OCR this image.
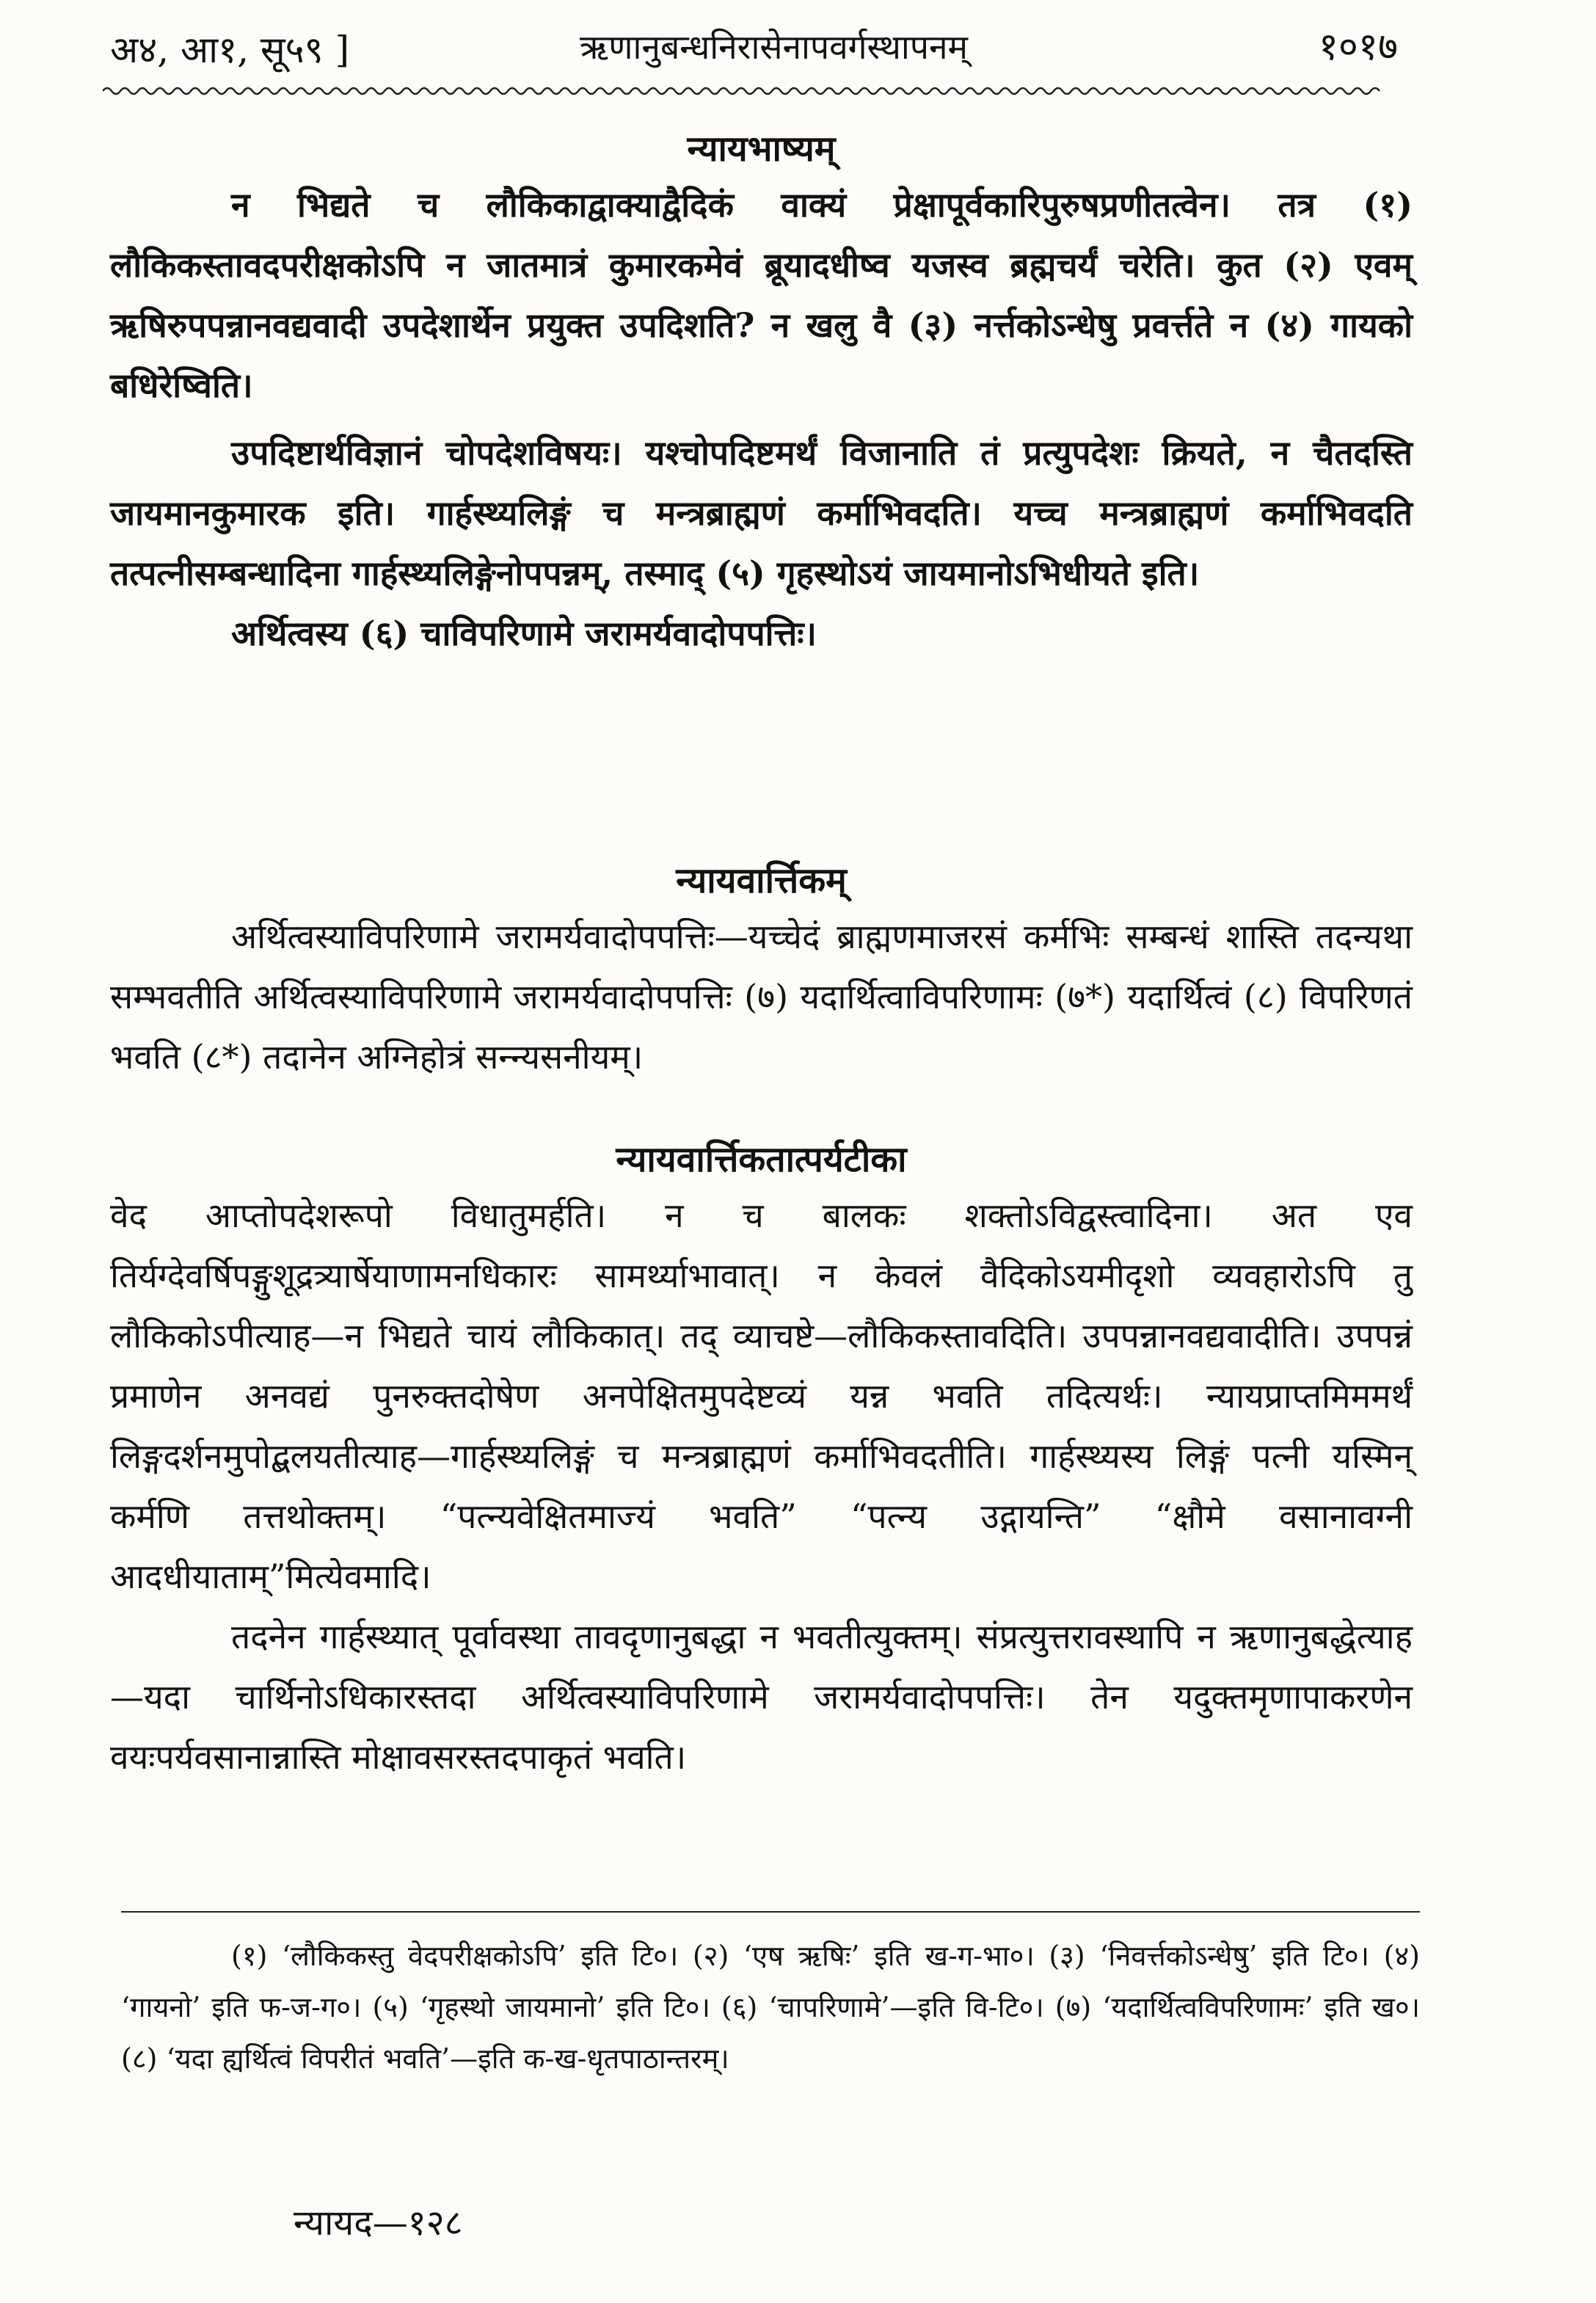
अ४, आ१, सू५९ ]	ऋणानुबन्धनिरासेनापवर्गस्थापनम्	१०१७
न्यायभाष्यम्

न भिद्यते च लौकिकाद्वाक्याद्वैदिकं वाक्यं प्रेक्षापूर्वकारिपुरुषप्रणीतत्वेन। तत्र (१) लौकिकस्तावदपरीक्षकोऽपि न जातमात्रं कुमारकमेवं ब्रूयादधीष्व यजस्व ब्रह्मचर्यं चरेति। कुत (२) एवम् ऋषिरुपपन्नानवद्यवादी उपदेशार्थेन प्रयुक्त उपदिशति? न खलु वै (३) नर्त्तकोऽन्धेषु प्रवर्त्तते न (४) गायको बधिरेष्विति।

उपदिष्टार्थविज्ञानं चोपदेशविषयः। यश्चोपदिष्टमर्थं विजानाति तं प्रत्युपदेशः क्रियते, न चैतदस्ति जायमानकुमारक इति। गार्हस्थ्यलिङ्गं च मन्त्रब्राह्मणं कर्माभिवदति। यच्च मन्त्रब्राह्मणं कर्माभिवदति तत्पत्नीसम्बन्धादिना गार्हस्थ्यलिङ्गेनोपपन्नम्, तस्माद् (५) गृहस्थोऽयं जायमानोऽभिधीयते इति।

अर्थित्वस्य (६) चाविपरिणामे जरामर्यवादोपपत्तिः।

न्यायवार्त्तिकम्

अर्थित्वस्याविपरिणामे जरामर्यवादोपपत्तिः—यच्चेदं ब्राह्मणमाजरसं कर्मभिः सम्बन्धं शास्ति तदन्यथा सम्भवतीति अर्थित्वस्याविपरिणामे जरामर्यवादोपपत्तिः (७) यदार्थित्वाविपरिणामः (७*) यदार्थित्वं (८) विपरिणतं भवति (८*) तदानेन अग्निहोत्रं सन्न्यसनीयम्।

न्यायवार्त्तिकतात्पर्यटीका

वेद आप्तोपदेशरूपो विधातुमर्हति। न च बालकः शक्तोऽविद्वस्त्वादिना। अत एव तिर्यग्देवर्षिपङ्गुशूद्रत्र्यार्षेयाणामनधिकारः सामर्थ्याभावात्। न केवलं वैदिकोऽयमीदृशो व्यवहारोऽपि तु लौकिकोऽपीत्याह—न भिद्यते चायं लौकिकात्। तद् व्याचष्टे—लौकिकस्तावदिति। उपपन्नानवद्यवादीति। उपपन्नं प्रमाणेन अनवद्यं पुनरुक्तदोषेण अनपेक्षितमुपदेष्टव्यं यन्न भवति तदित्यर्थः। न्यायप्राप्तमिममर्थं लिङ्गदर्शनमुपोद्बलयतीत्याह—गार्हस्थ्यलिङ्गं च मन्त्रब्राह्मणं कर्माभिवदतीति। गार्हस्थ्यस्य लिङ्गं पत्नी यस्मिन् कर्मणि तत्तथोक्तम्। “पत्न्यवेक्षितमाज्यं भवति” “पत्न्य उद्गायन्ति” “क्षौमे वसानावग्नी आदधीयाताम्”मित्येवमादि।

तदनेन गार्हस्थ्यात् पूर्वावस्था तावदृणानुबद्धा न भवतीत्युक्तम्। संप्रत्युत्तरावस्थापि न ऋणानुबद्धेत्याह—यदा चार्थिनोऽधिकारस्तदा अर्थित्वस्याविपरिणामे जरामर्यवादोपपत्तिः। तेन यदुक्तमृणापाकरणेन वयःपर्यवसानान्नास्ति मोक्षावसरस्तदपाकृतं भवति।

(१) ‘लौकिकस्तु वेदपरीक्षकोऽपि’ इति टि०। (२) ‘एष ऋषिः’ इति ख-ग-भा०। (३) ‘निवर्त्तकोऽन्धेषु’ इति टि०। (४) ‘गायनो’ इति फ-ज-ग०। (५) ‘गृहस्थो जायमानो’ इति टि०। (६) ‘चापरिणामे’—इति वि-टि०। (७) ‘यदार्थित्वविपरिणामः’ इति ख०। (८) ‘यदा ह्यर्थित्वं विपरीतं भवति’—इति क-ख-धृतपाठान्तरम्।

न्यायद—१२८
